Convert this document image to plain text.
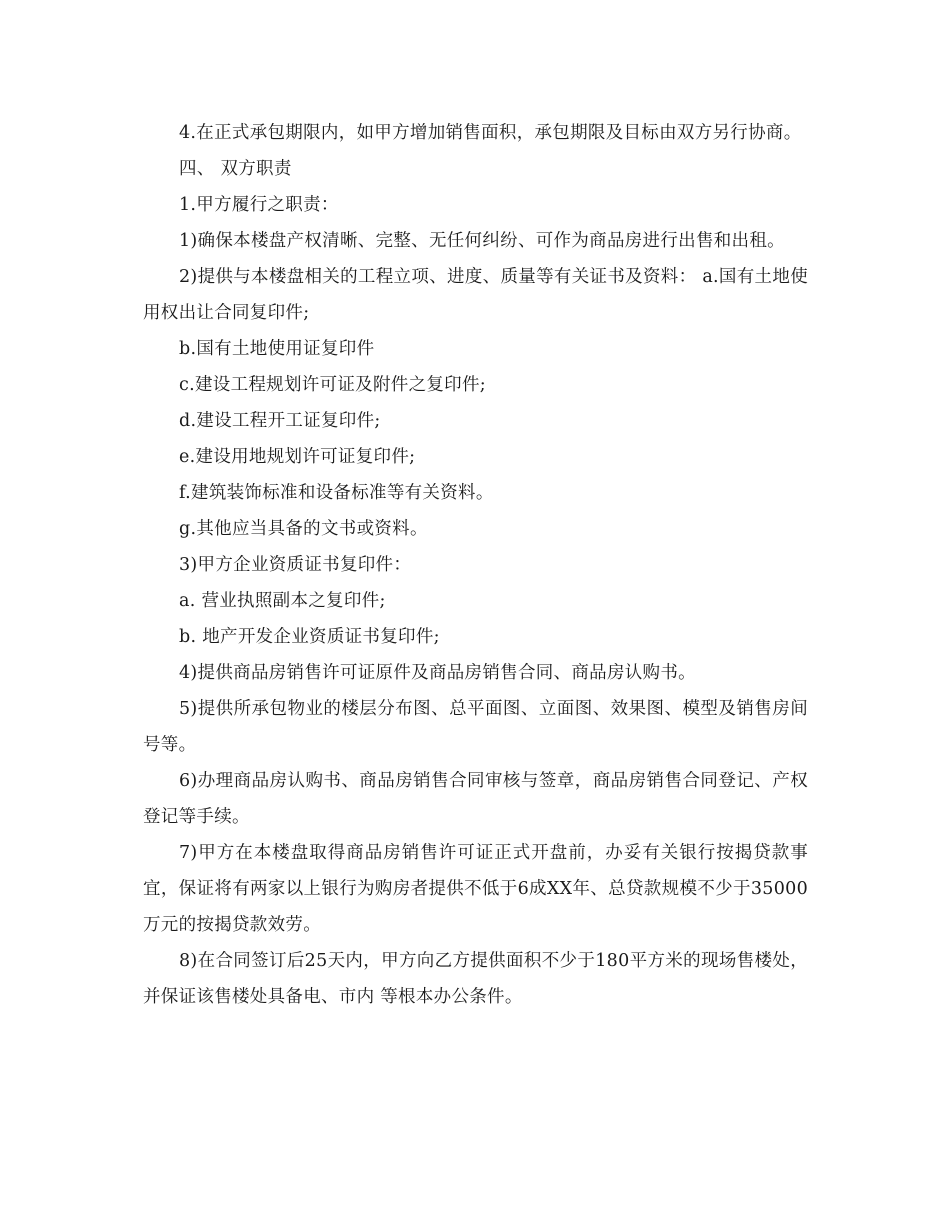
4.在正式承包期限内，如甲方增加销售面积，承包期限及目标由双方另行协商。

四、 双方职责

1.甲方履行之职责：

1)确保本楼盘产权清晰、完整、无任何纠纷、可作为商品房进行出售和出租。

2)提供与本楼盘相关的工程立项、进度、质量等有关证书及资料： a.国有土地使用权出让合同复印件;

b.国有土地使用证复印件

c.建设工程规划许可证及附件之复印件;

d.建设工程开工证复印件;

e.建设用地规划许可证复印件;

f.建筑装饰标准和设备标准等有关资料。

g.其他应当具备的文书或资料。

3)甲方企业资质证书复印件：

a. 营业执照副本之复印件;

b. 地产开发企业资质证书复印件;

4)提供商品房销售许可证原件及商品房销售合同、商品房认购书。

5)提供所承包物业的楼层分布图、总平面图、立面图、效果图、模型及销售房间号等。

6)办理商品房认购书、商品房销售合同审核与签章，商品房销售合同登记、产权登记等手续。

7)甲方在本楼盘取得商品房销售许可证正式开盘前，办妥有关银行按揭贷款事宜，保证将有两家以上银行为购房者提供不低于6成XX年、总贷款规模不少于35000万元的按揭贷款效劳。

8)在合同签订后25天内，甲方向乙方提供面积不少于180平方米的现场售楼处，并保证该售楼处具备电、市内 等根本办公条件。
